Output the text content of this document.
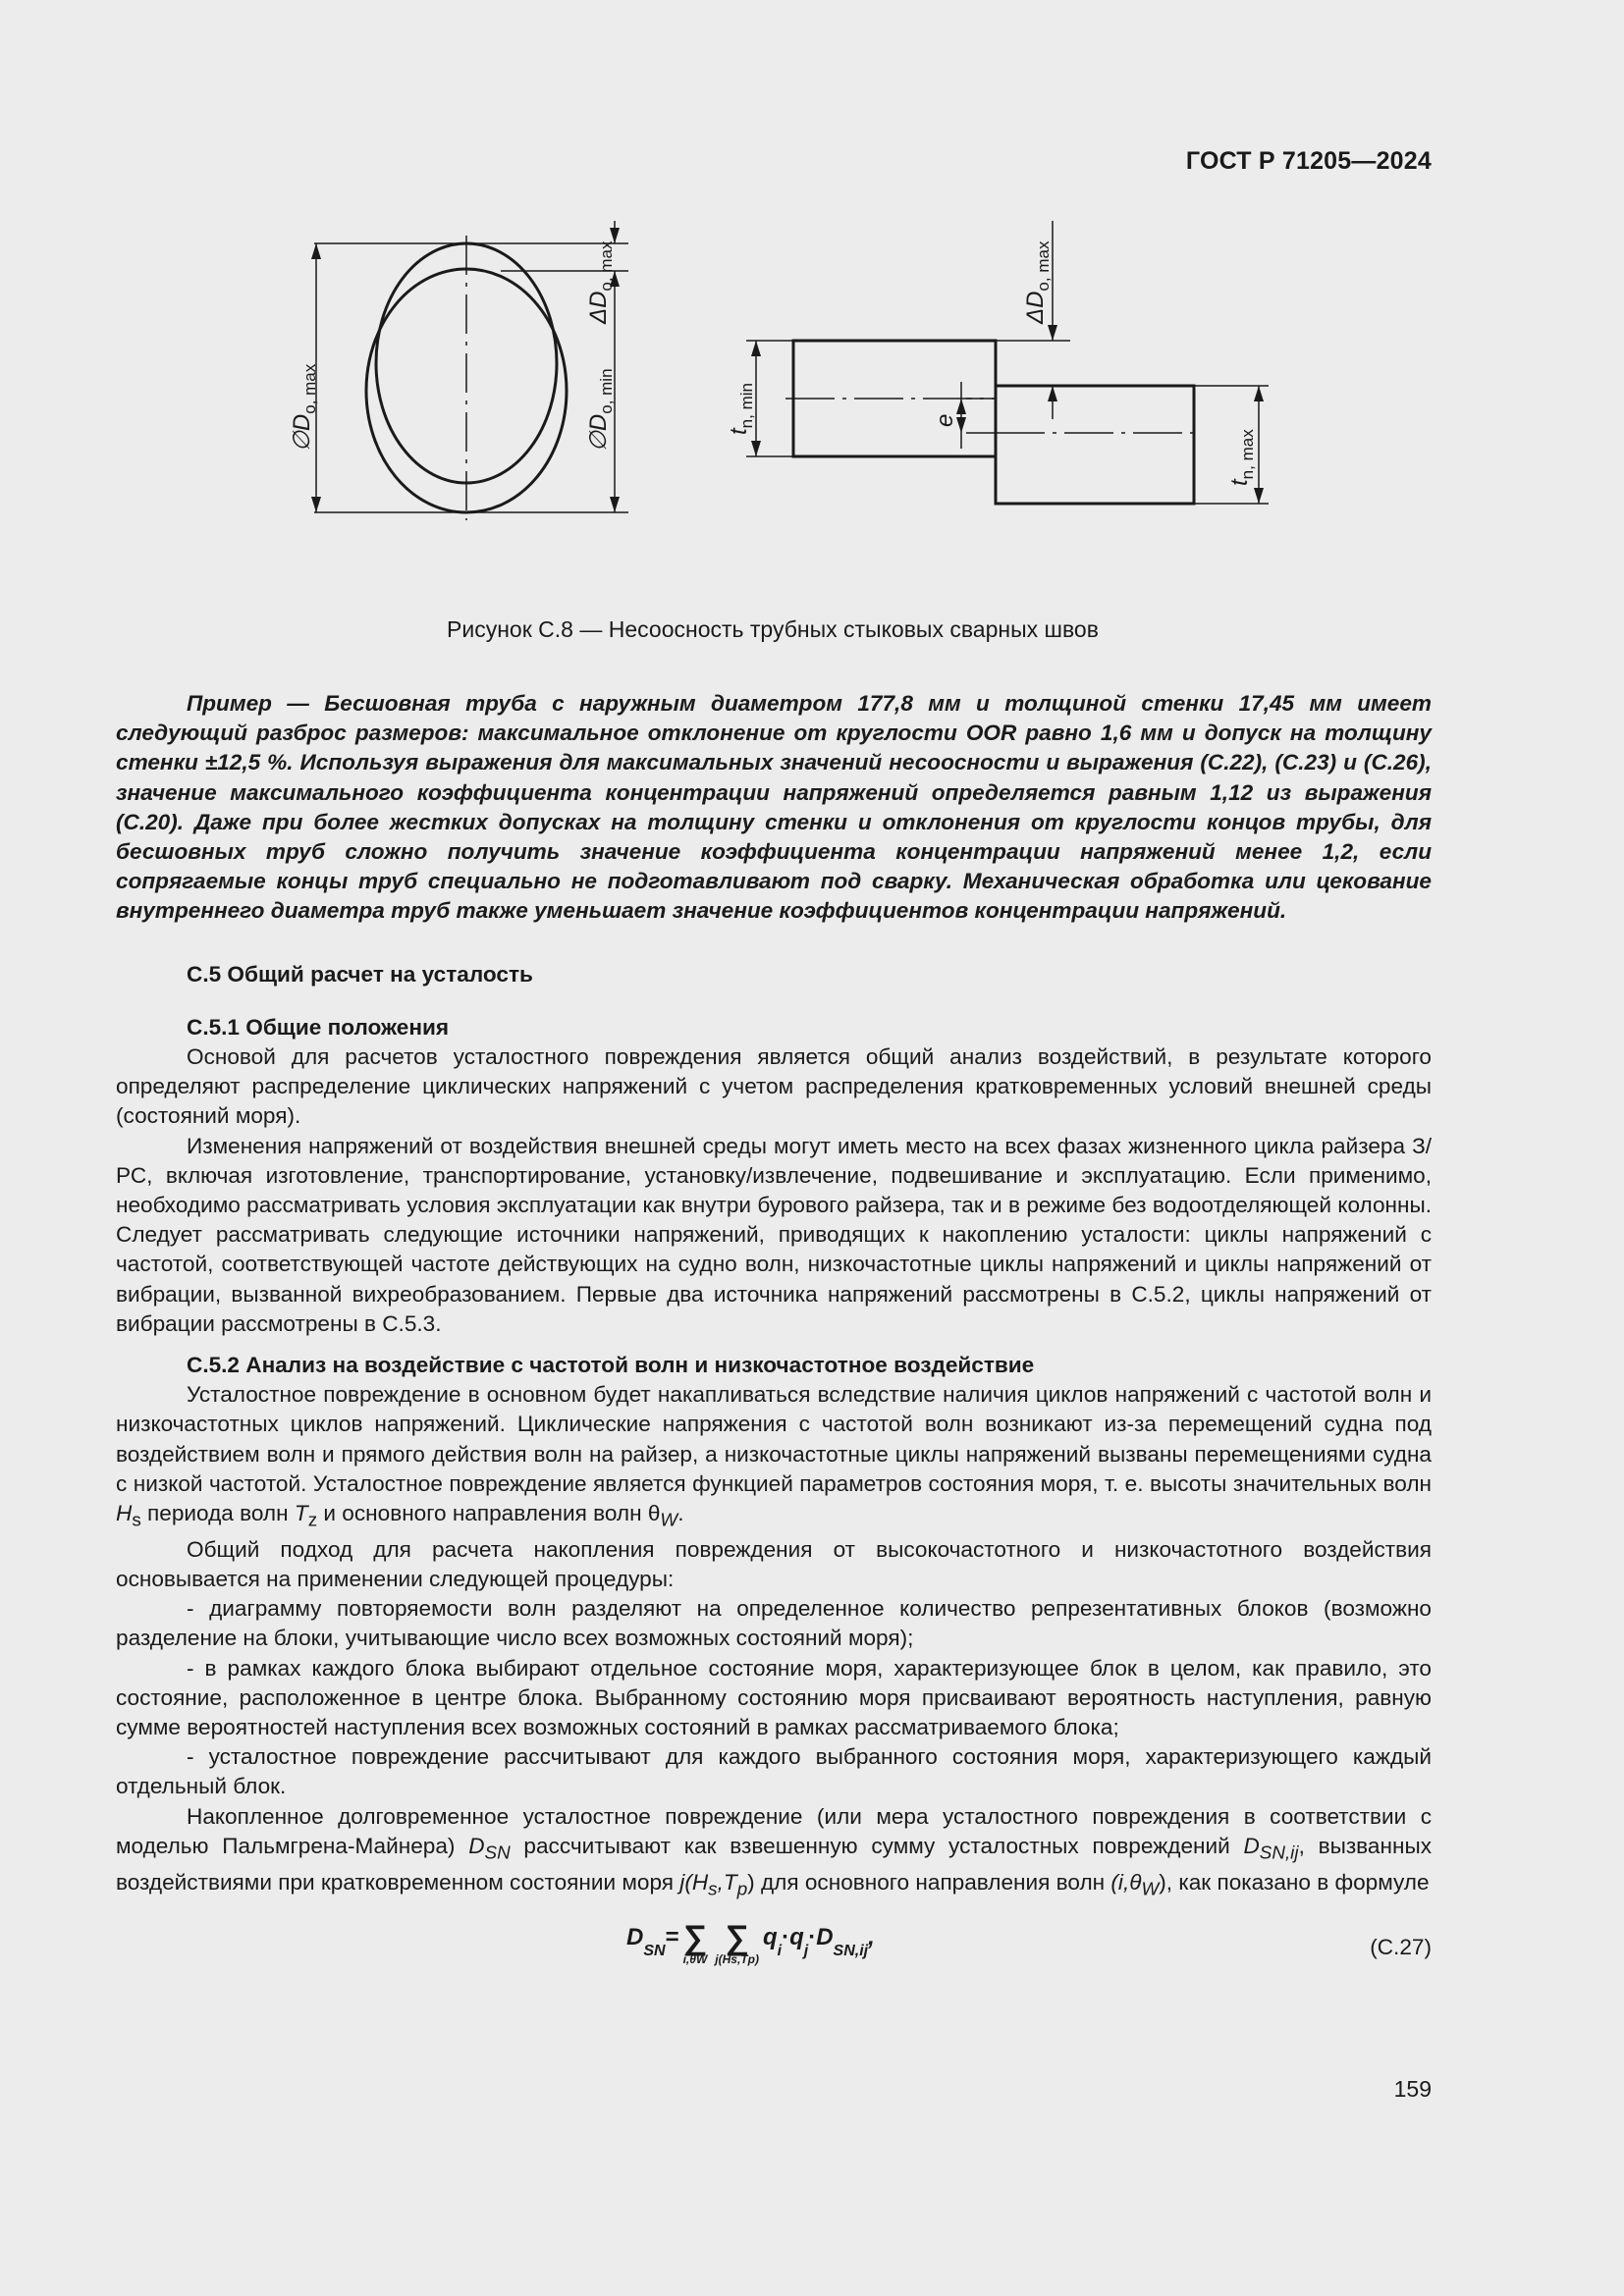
ГОСТ Р 71205—2024
$\emptyset D_{o, max}$
$\emptyset D_{o, min}$
$\Delta D_{o, max}$
$t_{n, min}$
$t_{n, max}$
$\Delta D_{o, max}$
e
Рисунок С.8 — Несоосность трубных стыковых сварных швов

Пример — Бесшовная труба с наружным диаметром 177,8 мм и толщиной стенки 17,45 мм имеет следующий разброс размеров: максимальное отклонение от круглости OOR равно 1,6 мм и допуск на толщину стенки ±12,5 %. Используя выражения для максимальных значений несоосности и выражения (С.22), (С.23) и (С.26), значение максимального коэффициента концентрации напряжений определяется равным 1,12 из выражения (С.20). Даже при более жестких допусках на толщину стенки и отклонения от круглости концов трубы, для бесшовных труб сложно получить значение коэффициента концентрации напряжений менее 1,2, если сопрягаемые концы труб специально не подготавливают под сварку. Механическая обработка или цекование внутреннего диаметра труб также уменьшает значение коэффициентов концентрации напряжений.

С.5 Общий расчет на усталость

С.5.1 Общие положения

Основой для расчетов усталостного повреждения является общий анализ воздействий, в результате которого определяют распределение циклических напряжений с учетом распределения кратковременных условий внешней среды (состояний моря).

Изменения напряжений от воздействия внешней среды могут иметь место на всех фазах жизненного цикла райзера З/РС, включая изготовление, транспортирование, установку/извлечение, подвешивание и эксплуатацию. Если применимо, необходимо рассматривать условия эксплуатации как внутри бурового райзера, так и в режиме без водоотделяющей колонны. Следует рассматривать следующие источники напряжений, приводящих к накоплению усталости: циклы напряжений с частотой, соответствующей частоте действующих на судно волн, низкочастотные циклы напряжений и циклы напряжений от вибрации, вызванной вихреобразованием. Первые два источника напряжений рассмотрены в С.5.2, циклы напряжений от вибрации рассмотрены в С.5.3.

С.5.2 Анализ на воздействие с частотой волн и низкочастотное воздействие

Усталостное повреждение в основном будет накапливаться вследствие наличия циклов напряжений с частотой волн и низкочастотных циклов напряжений. Циклические напряжения с частотой волн возникают из-за перемещений судна под воздействием волн и прямого действия волн на райзер, а низкочастотные циклы напряжений вызваны перемещениями судна с низкой частотой. Усталостное повреждение является функцией параметров состояния моря, т. е. высоты значительных волн $H_s$ периода волн $T_z$ и основного направления волн $\theta_W$.

Общий подход для расчета накопления повреждения от высокочастотного и низкочастотного воздействия основывается на применении следующей процедуры:

- диаграмму повторяемости волн разделяют на определенное количество репрезентативных блоков (возможно разделение на блоки, учитывающие число всех возможных состояний моря);

- в рамках каждого блока выбирают отдельное состояние моря, характеризующее блок в целом, как правило, это состояние, расположенное в центре блока. Выбранному состоянию моря присваивают вероятность наступления, равную сумме вероятностей наступления всех возможных состояний в рамках рассматриваемого блока;

- усталостное повреждение рассчитывают для каждого выбранного состояния моря, характеризующего каждый отдельный блок.

Накопленное долговременное усталостное повреждение (или мера усталостного повреждения в соответствии с моделью Пальмгрена-Майнера) $D_{SN}$ рассчитывают как взвешенную сумму усталостных повреждений $D_{SN,ij}$, вызванных воздействиями при кратковременном состоянии моря $j(H_s,T_p)$ для основного направления волн $(i,\theta_W)$, как показано в формуле

D
$_{SN}$
= ∑
i,θW
∑
j(Hs,Tp)
q
$_i$
· q
$_j$
· D
$_{SN,ij}$
,	(С.27)
159
